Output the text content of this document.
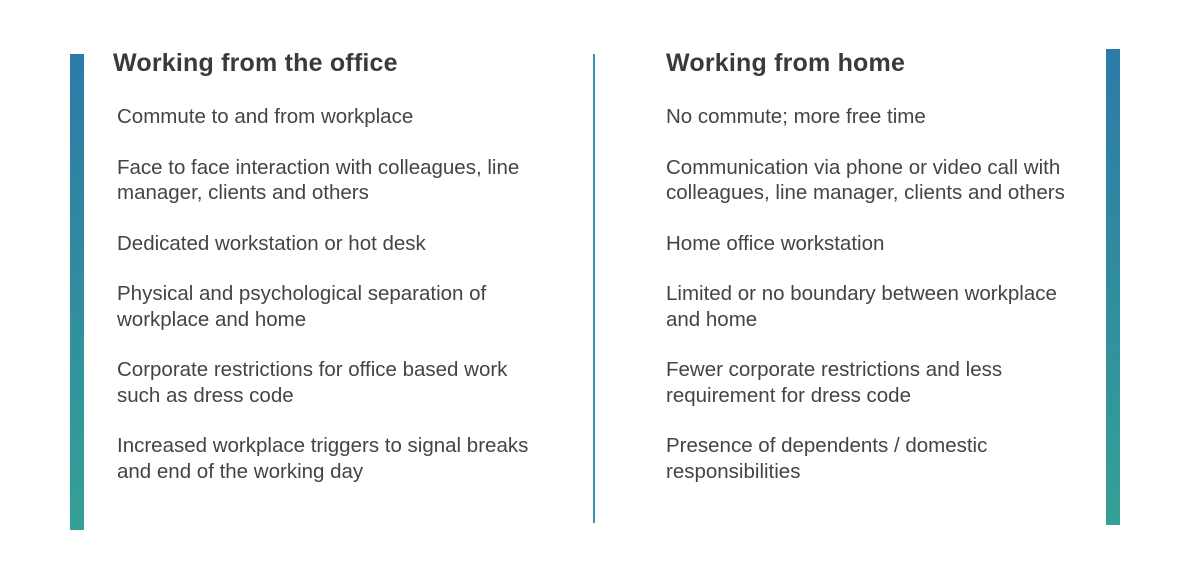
Working from the office
Commute to and from workplace
Face to face interaction with colleagues, line manager, clients and others
Dedicated workstation or hot desk
Physical and psychological separation of workplace and home
Corporate restrictions for office based work such as dress code
Increased workplace triggers to signal breaks and end of the working day
Working from home
No commute; more free time
Communication via phone or video call with colleagues, line manager, clients and others
Home office workstation
Limited or no boundary between workplace and home
Fewer corporate restrictions and less requirement for dress code
Presence of dependents / domestic responsibilities
